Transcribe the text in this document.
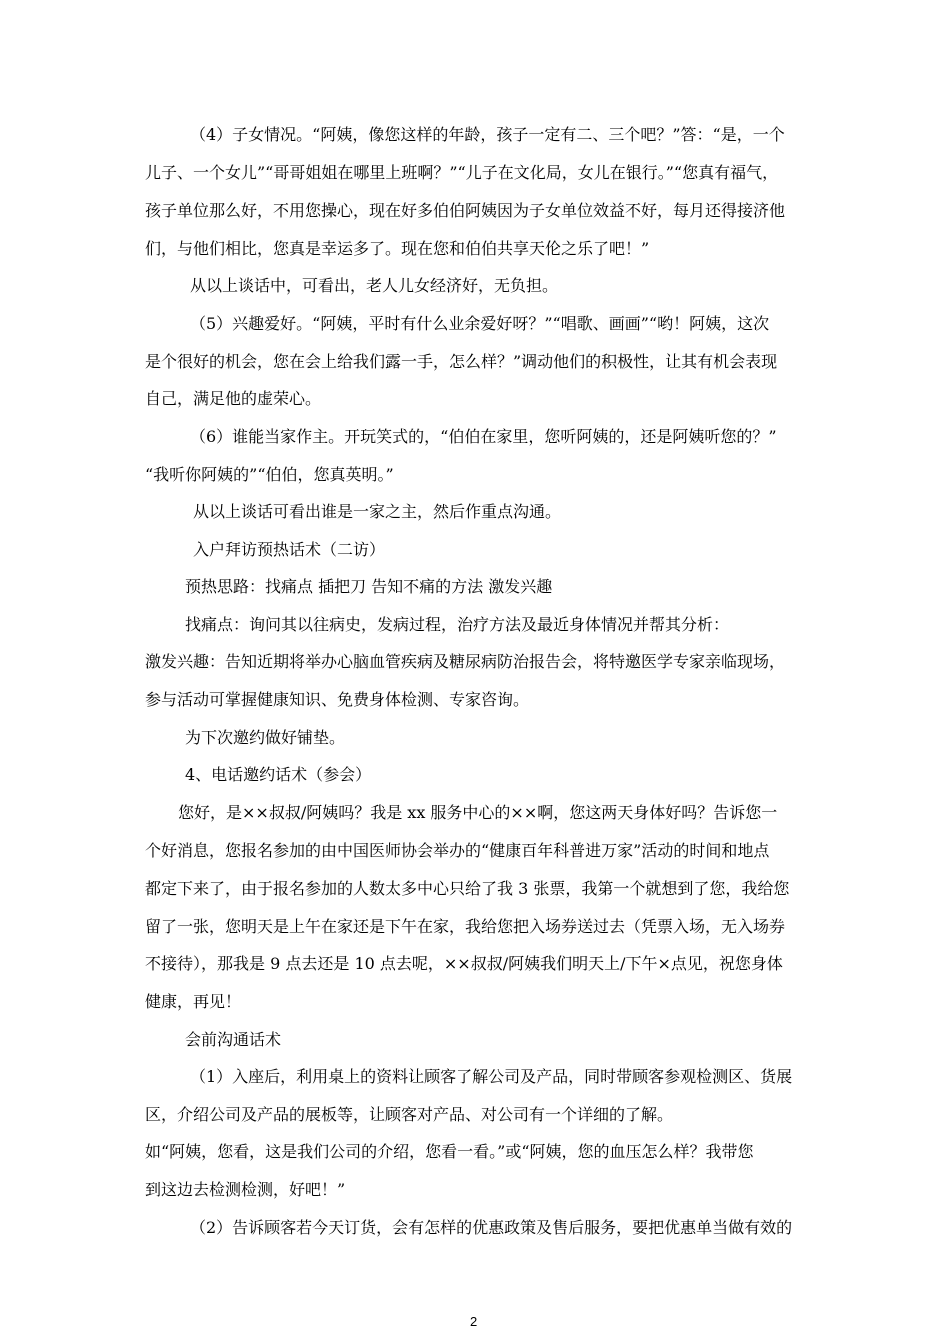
（4）子女情况。“阿姨，像您这样的年龄，孩子一定有二、三个吧？”答：“是，一个
儿子、一个女儿”“哥哥姐姐在哪里上班啊？”“儿子在文化局，女儿在银行。”“您真有福气，
孩子单位那么好，不用您操心，现在好多伯伯阿姨因为子女单位效益不好，每月还得接济他
们，与他们相比，您真是幸运多了。现在您和伯伯共享天伦之乐了吧！”
从以上谈话中，可看出，老人儿女经济好，无负担。
（5）兴趣爱好。“阿姨，平时有什么业余爱好呀？”“唱歌、画画”“哟！阿姨，这次
是个很好的机会，您在会上给我们露一手，怎么样？”调动他们的积极性，让其有机会表现
自己，满足他的虚荣心。
（6）谁能当家作主。开玩笑式的，“伯伯在家里，您听阿姨的，还是阿姨听您的？”
“我听你阿姨的”“伯伯，您真英明。”
从以上谈话可看出谁是一家之主，然后作重点沟通。
入户拜访预热话术（二访）
预热思路：找痛点 插把刀 告知不痛的方法 激发兴趣
找痛点：询问其以往病史，发病过程，治疗方法及最近身体情况并帮其分析：
激发兴趣：告知近期将举办心脑血管疾病及糖尿病防治报告会，将特邀医学专家亲临现场，
参与活动可掌握健康知识、免费身体检测、专家咨询。
为下次邀约做好铺垫。
4、电话邀约话术（参会）
您好，是××叔叔/阿姨吗？我是 xx 服务中心的××啊，您这两天身体好吗？告诉您一
个好消息，您报名参加的由中国医师协会举办的“健康百年科普进万家”活动的时间和地点
都定下来了，由于报名参加的人数太多中心只给了我 3 张票，我第一个就想到了您，我给您
留了一张，您明天是上午在家还是下午在家，我给您把入场券送过去（凭票入场，无入场券
不接待），那我是 9 点去还是 10 点去呢，××叔叔/阿姨我们明天上/下午×点见，祝您身体
健康，再见！
会前沟通话术
（1）入座后，利用桌上的资料让顾客了解公司及产品，同时带顾客参观检测区、货展
区，介绍公司及产品的展板等，让顾客对产品、对公司有一个详细的了解。
如“阿姨，您看，这是我们公司的介绍，您看一看。”或“阿姨，您的血压怎么样？我带您
到这边去检测检测，好吧！”
（2）告诉顾客若今天订货，会有怎样的优惠政策及售后服务，要把优惠单当做有效的
2
